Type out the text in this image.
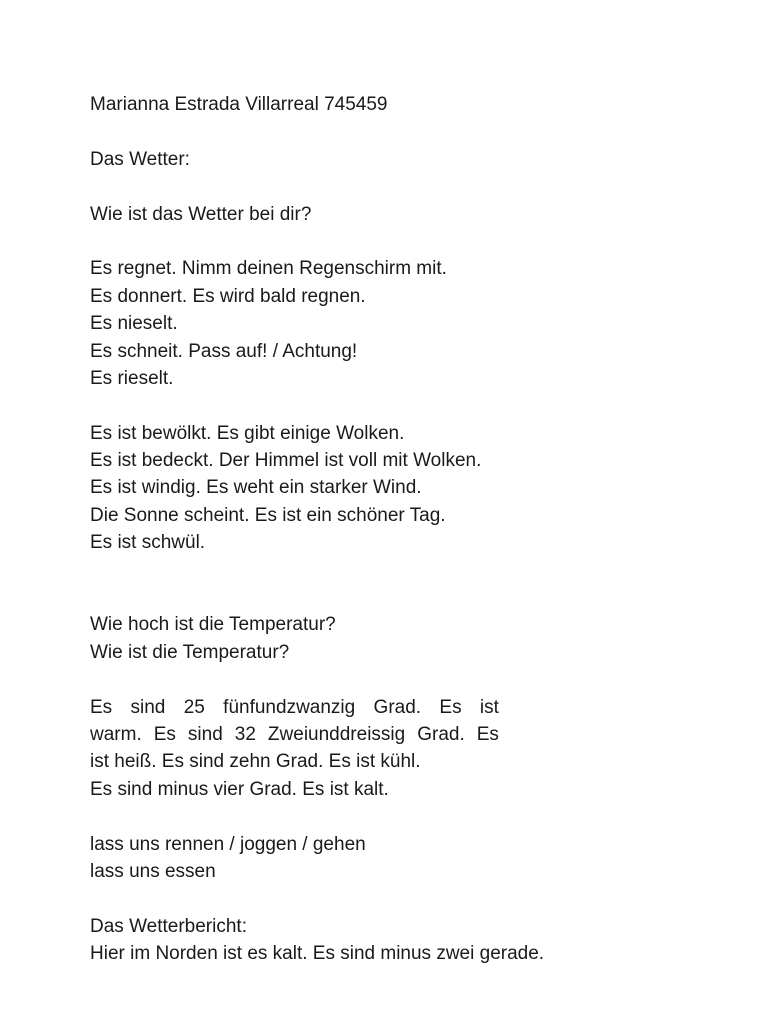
Marianna Estrada Villarreal 745459
Das Wetter:
Wie ist das Wetter bei dir?
Es regnet. Nimm deinen Regenschirm mit.
Es donnert. Es wird bald regnen.
Es nieselt.
Es schneit. Pass auf! / Achtung!
Es rieselt.
Es ist bewölkt. Es gibt einige Wolken.
Es ist bedeckt. Der Himmel ist voll mit Wolken.
Es ist windig. Es weht ein starker Wind.
Die Sonne scheint. Es ist ein schöner Tag.
Es ist schwül.
Wie hoch ist die Temperatur?
Wie ist die Temperatur?
Es sind 25 fünfundzwanzig Grad. Es ist
warm. Es sind 32 Zweiunddreissig Grad. Es
ist heiß. Es sind zehn Grad. Es ist kühl.
Es sind minus vier Grad. Es ist kalt.
lass uns rennen / joggen / gehen
lass uns essen
Das Wetterbericht:
Hier im Norden ist es kalt. Es sind minus zwei gerade.
